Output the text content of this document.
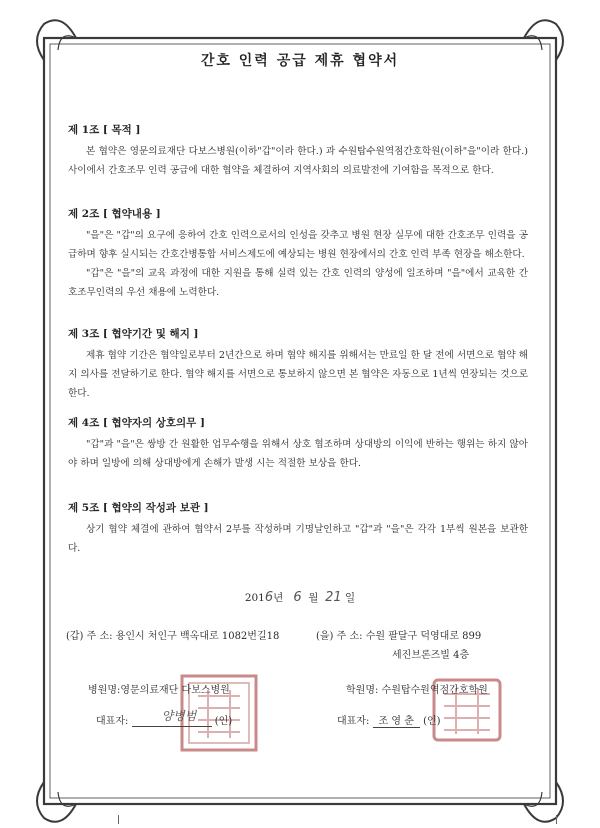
간호 인력 공급 제휴 협약서
제 1조 [ 목적 ]

본 협약은 영문의료재단 다보스병원(이하"갑"이라 한다.) 과 수원탑수원역점간호학원(이하"을"이라 한다.) 사이에서 간호조무 인력 공급에 대한 협약을 체결하여 지역사회의 의료발전에 기여함을 목적으로 한다.

제 2조 [ 협약내용 ]

"을"은 "갑"의 요구에 응하여 간호 인력으로서의 인성을 갖추고 병원 현장 실무에 대한 간호조무 인력을 공급하며 향후 실시되는 간호간병통합 서비스제도에 예상되는 병원 현장에서의 간호 인력 부족 현장을 해소한다.

"갑"은 "을"의 교육 과정에 대한 지원을 통해 실력 있는 간호 인력의 양성에 일조하며 "을"에서 교육한 간호조무인력의 우선 채용에 노력한다.

제 3조 [ 협약기간 및 해지 ]

제휴 협약 기간은 협약일로부터 2년간으로 하며 협약 해지를 위해서는 만료일 한 달 전에 서면으로 협약 해지 의사를 전달하기로 한다. 협약 해지를 서면으로 통보하지 않으면 본 협약은 자동으로 1년씩 연장되는 것으로 한다.

제 4조 [ 협약자의 상호의무 ]

"갑"과 "을"은 쌍방 간 원활한 업무수행을 위해서 상호 협조하며 상대방의 이익에 반하는 행위는 하지 않아야 하며 일방에 의해 상대방에게 손해가 발생 시는 적절한 보상을 한다.

제 5조 [ 협약의 작성과 보관 ]

상기 협약 체결에 관하여 협약서 2부를 작성하며 기명날인하고 "갑"과 "을"은 각각 1부씩 원본을 보관한다.

2016년 6 월 21 일
(갑) 주 소: 용인시 처인구 백옥대로 1082번길18	(을) 주 소: 수원 팔달구 덕영대로 899
세진브론즈빌 4층
병원명:영문의료재단 다보스병원	학원명: 수원탑수원역점간호학원
대표자:	양병범 (인)	대표자: 조 영 춘 (인)
